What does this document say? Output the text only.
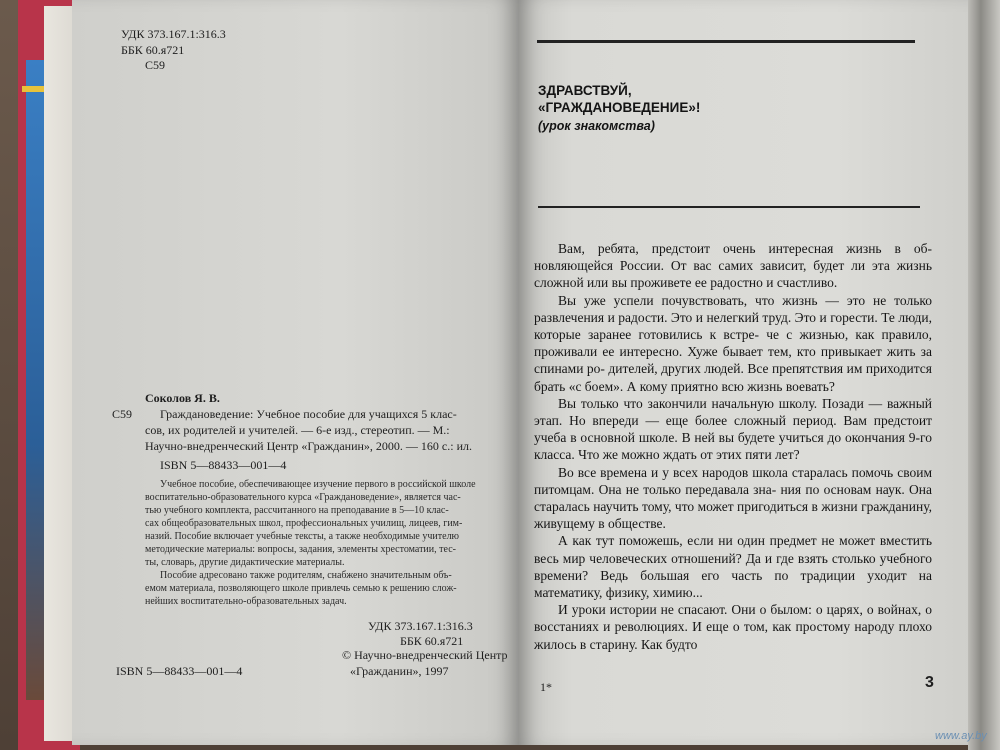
УДК 373.167.1:316.3
ББК 60.я721
С59
Соколов Я. В.
С59 Граждановедение: Учебное пособие для учащихся 5 клас-
сов, их родителей и учителей. — 6-е изд., стереотип. — М.:
Научно-внедренческий Центр «Гражданин», 2000. — 160 с.: ил.
ISBN 5—88433—001—4
Учебное пособие, обеспечивающее изучение первого в российской школе
воспитательно-образовательного курса «Граждановедение», является час-
тью учебного комплекта, рассчитанного на преподавание в 5—10 клас-
сах общеобразовательных школ, профессиональных училищ, лицеев, гим-
назий. Пособие включает учебные тексты, а также необходимые учителю
методические материалы: вопросы, задания, элементы хрестоматии, тес-
ты, словарь, другие дидактические материалы.
Пособие адресовано также родителям, снабжено значительным объ-
емом материала, позволяющего школе привлечь семью к решению слож-
нейших воспитательно-образовательных задач.
УДК 373.167.1:316.3
ББК 60.я721
ISBN 5—88433—001—4
© Научно-внедренческий Центр
«Гражданин», 1997
ЗДРАВСТВУЙ,
«ГРАЖДАНОВЕДЕНИЕ»!
(урок знакомства)

Вам, ребята, предстоит очень интересная жизнь в об- новляющейся России. От вас самих зависит, будет ли эта жизнь сложной или вы проживете ее радостно и счастливо.

Вы уже успели почувствовать, что жизнь — это не только развлечения и радости. Это и нелегкий труд. Это и горести. Те люди, которые заранее готовились к встре- че с жизнью, как правило, проживали ее интересно. Хуже бывает тем, кто привыкает жить за спинами ро- дителей, других людей. Все препятствия им приходится брать «с боем». А кому приятно всю жизнь воевать?

Вы только что закончили начальную школу. Позади — важный этап. Но впереди — еще более сложный период. Вам предстоит учеба в основной школе. В ней вы будете учиться до окончания 9-го класса. Что же можно ждать от этих пяти лет?

Во все времена и у всех народов школа старалась помочь своим питомцам. Она не только передавала зна- ния по основам наук. Она старалась научить тому, что может пригодиться в жизни гражданину, живущему в обществе.

А как тут поможешь, если ни один предмет не может вместить весь мир человеческих отношений? Да и где взять столько учебного времени? Ведь большая его часть по традиции уходит на математику, физику, химию...

И уроки истории не спасают. Они о былом: о царях, о войнах, о восстаниях и революциях. И еще о том, как простому народу плохо жилось в старину. Как будто

1*	3
www.ay.by
